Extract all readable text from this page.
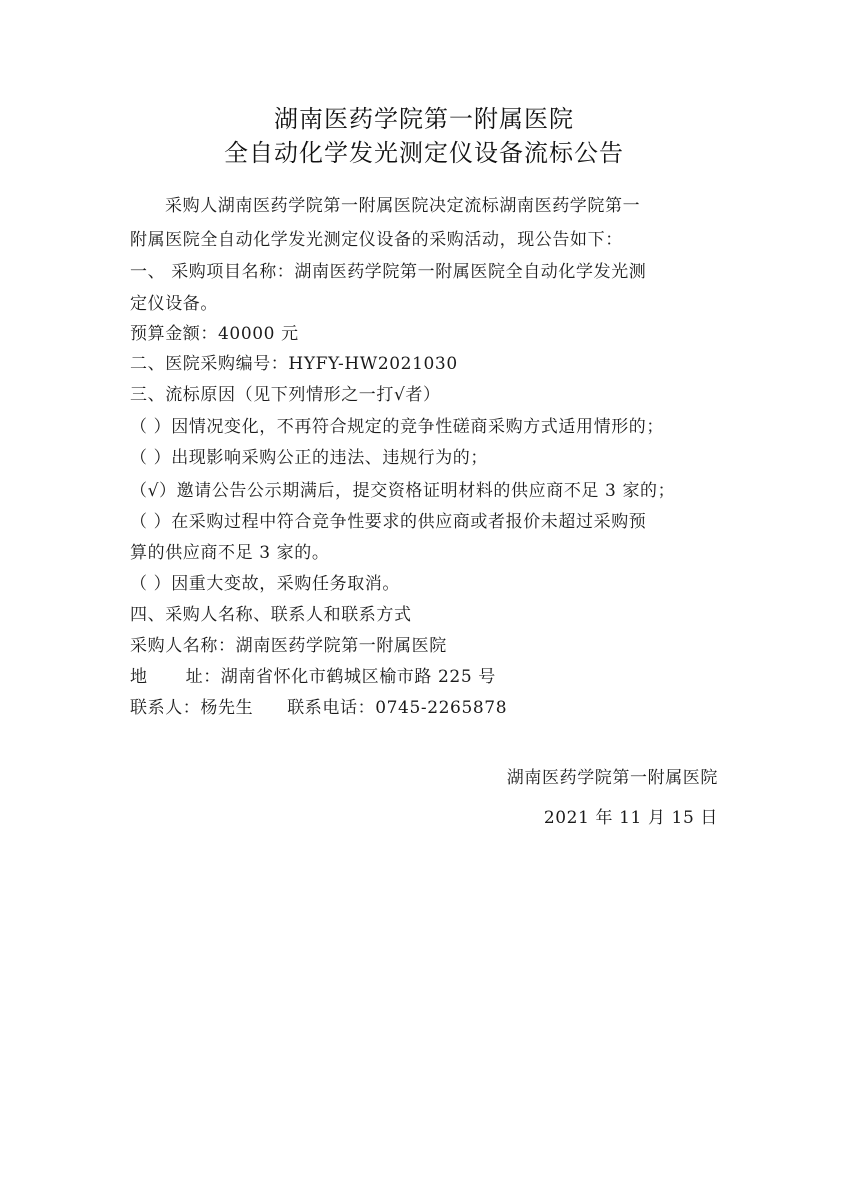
湖南医药学院第一附属医院
全自动化学发光测定仪设备流标公告
采购人湖南医药学院第一附属医院决定流标湖南医药学院第一
附属医院全自动化学发光测定仪设备的采购活动，现公告如下：
一、 采购项目名称：湖南医药学院第一附属医院全自动化学发光测
定仪设备。
预算金额：40000 元
二、医院采购编号：HYFY-HW2021030
三、流标原因（见下列情形之一打√者）
（ ）因情况变化，不再符合规定的竞争性磋商采购方式适用情形的；
（ ）出现影响采购公正的违法、违规行为的；
（√）邀请公告公示期满后，提交资格证明材料的供应商不足 3 家的；
（ ）在采购过程中符合竞争性要求的供应商或者报价未超过采购预
算的供应商不足 3 家的。
（ ）因重大变故，采购任务取消。
四、采购人名称、联系人和联系方式
采购人名称：湖南医药学院第一附属医院
地 址：湖南省怀化市鹤城区榆市路 225 号
联系人：杨先生 联系电话：0745-2265878
湖南医药学院第一附属医院
2021 年 11 月 15 日
